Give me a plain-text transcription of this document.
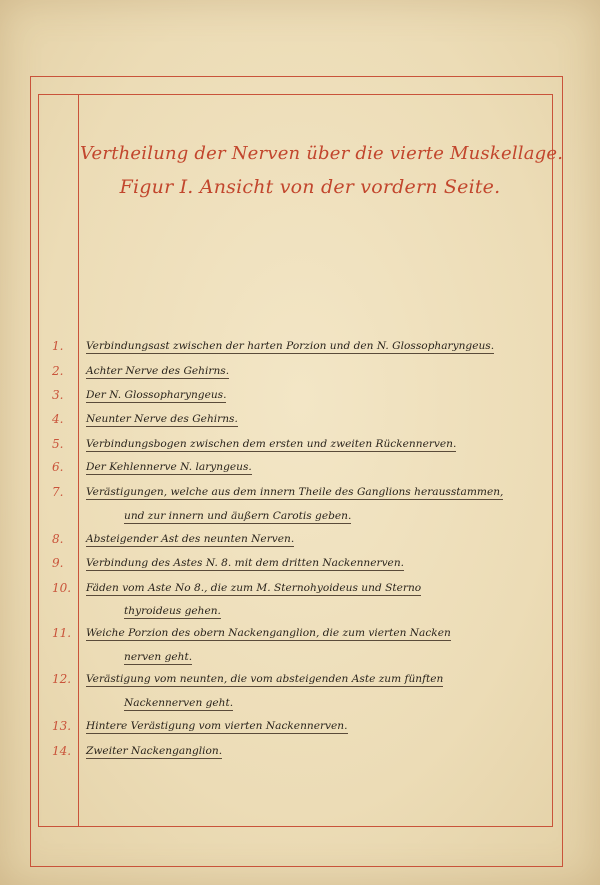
Vertheilung der Nerven über die vierte Muskellage.
Figur I. Ansicht von der vordern Seite.
1.	Verbindungsast zwischen der harten Porzion und den N. Glossopharyngeus.
2.	Achter Nerve des Gehirns.
3.	Der N. Glossopharyngeus.
4.	Neunter Nerve des Gehirns.
5.	Verbindungsbogen zwischen dem ersten und zweiten Rückennerven.
6.	Der Kehlennerve N. laryngeus.
7.	Verästigungen, welche aus dem innern Theile des Ganglions herausstammen,
und zur innern und äußern Carotis geben.
8.	Absteigender Ast des neunten Nerven.
9.	Verbindung des Astes N. 8. mit dem dritten Nackennerven.
10.	Fäden vom Aste No 8., die zum M. Sternohyoideus und Sterno
thyroideus gehen.
11.	Weiche Porzion des obern Nackenganglion, die zum vierten Nacken
nerven geht.
12.	Verästigung vom neunten, die vom absteigenden Aste zum fünften
Nackennerven geht.
13.	Hintere Verästigung vom vierten Nackennerven.
14.	Zweiter Nackenganglion.
